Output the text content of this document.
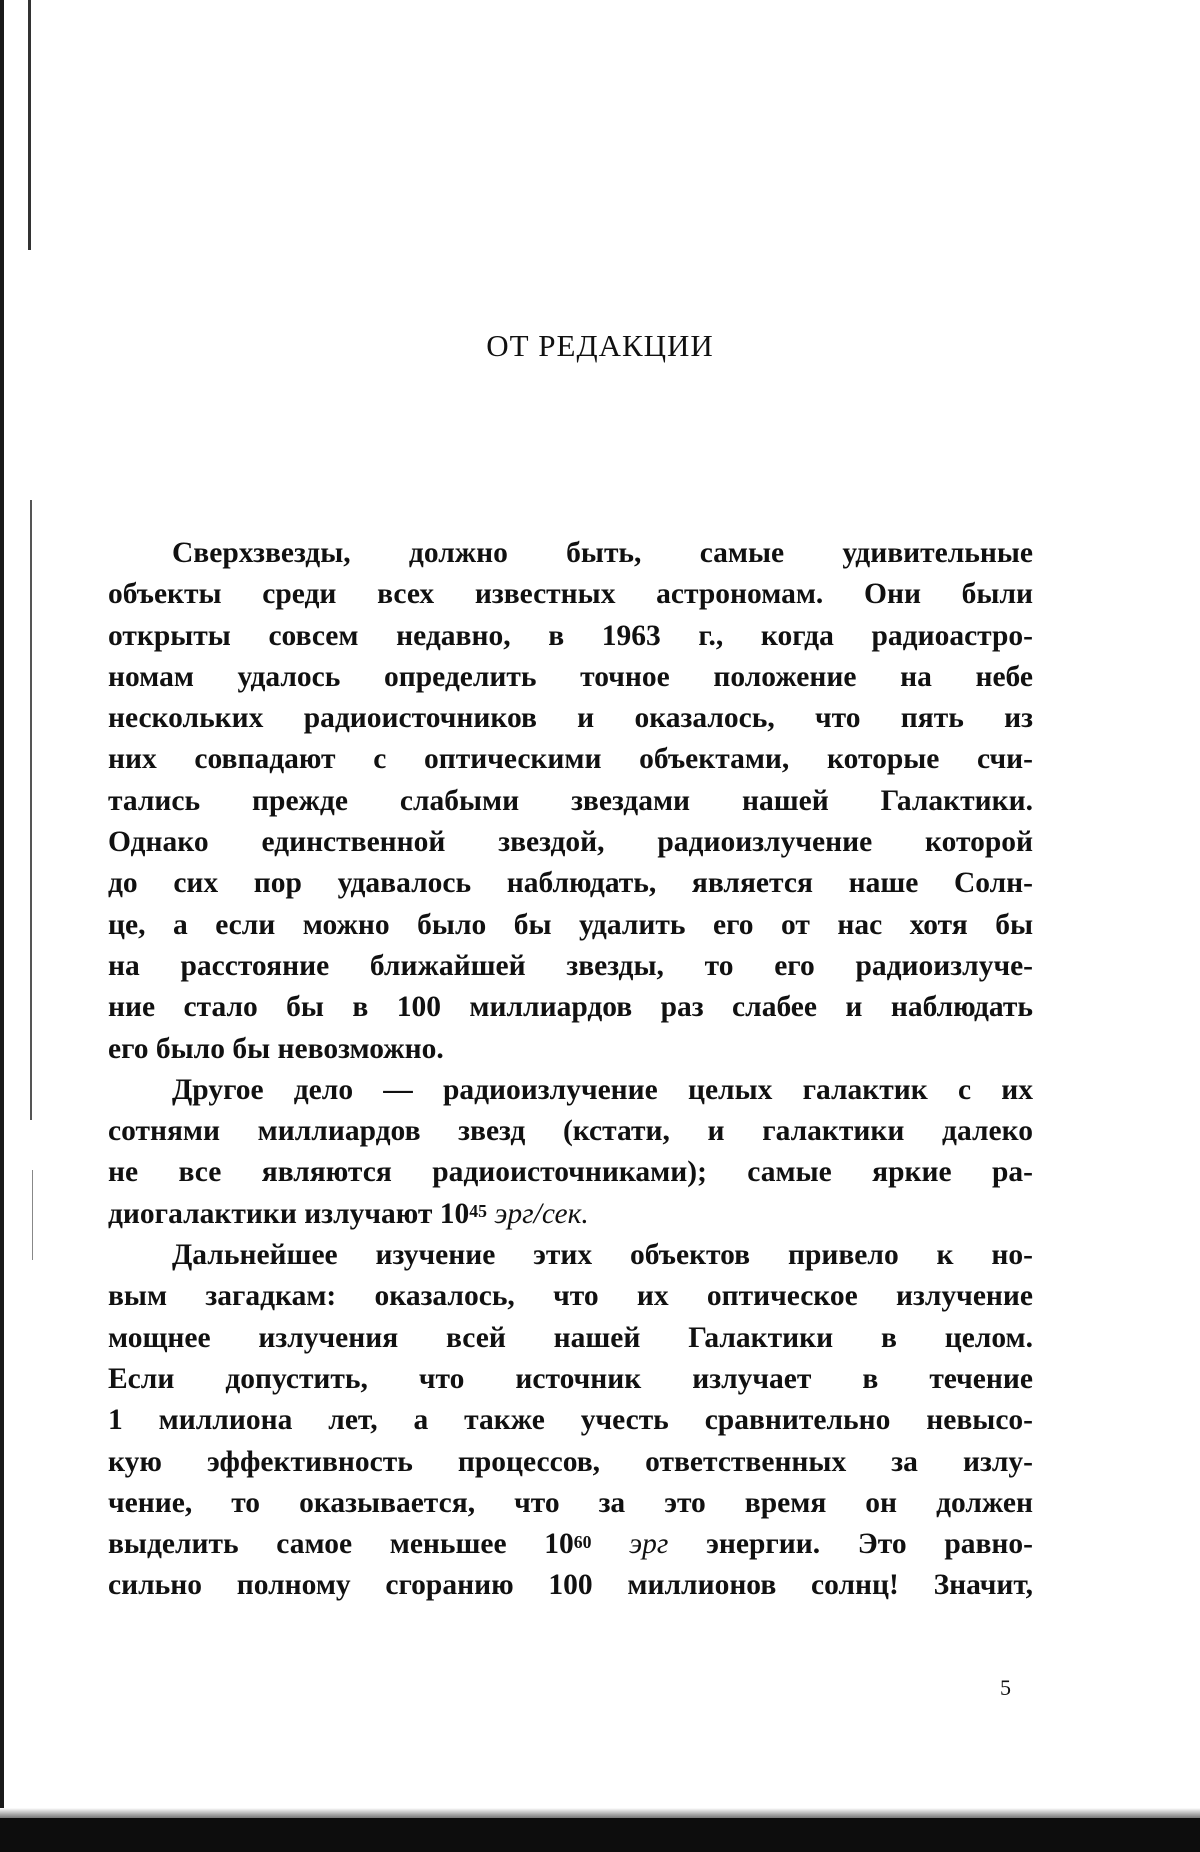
ОТ РЕДАКЦИИ

Сверхзвезды, должно быть, самые удивительные
объекты среди всех известных астрономам. Они были
открыты совсем недавно, в 1963 г., когда радиоастро-
номам удалось определить точное положение на небе
нескольких радиоисточников и оказалось, что пять из
них совпадают с оптическими объектами, которые счи-
тались прежде слабыми звездами нашей Галактики.
Однако единственной звездой, радиоизлучение которой
до сих пор удавалось наблюдать, является наше Солн-
це, а если можно было бы удалить его от нас хотя бы
на расстояние ближайшей звезды, то его радиоизлуче-
ние стало бы в 100 миллиардов раз слабее и наблюдать
его было бы невозможно.

Другое дело — радиоизлучение целых галактик с их
сотнями миллиардов звезд (кстати, и галактики далеко
не все являются радиоисточниками); самые яркие ра-
диогалактики излучают $10^{45}$ эрг/сек.

Дальнейшее изучение этих объектов привело к но-
вым загадкам: оказалось, что их оптическое излучение
мощнее излучения всей нашей Галактики в целом.
Если допустить, что источник излучает в течение
1 миллиона лет, а также учесть сравнительно невысо-
кую эффективность процессов, ответственных за излу-
чение, то оказывается, что за это время он должен
выделить самое меньшее $10^{60}$ эрг энергии. Это равно-
сильно полному сгоранию 100 миллионов солнц! Значит,

5
